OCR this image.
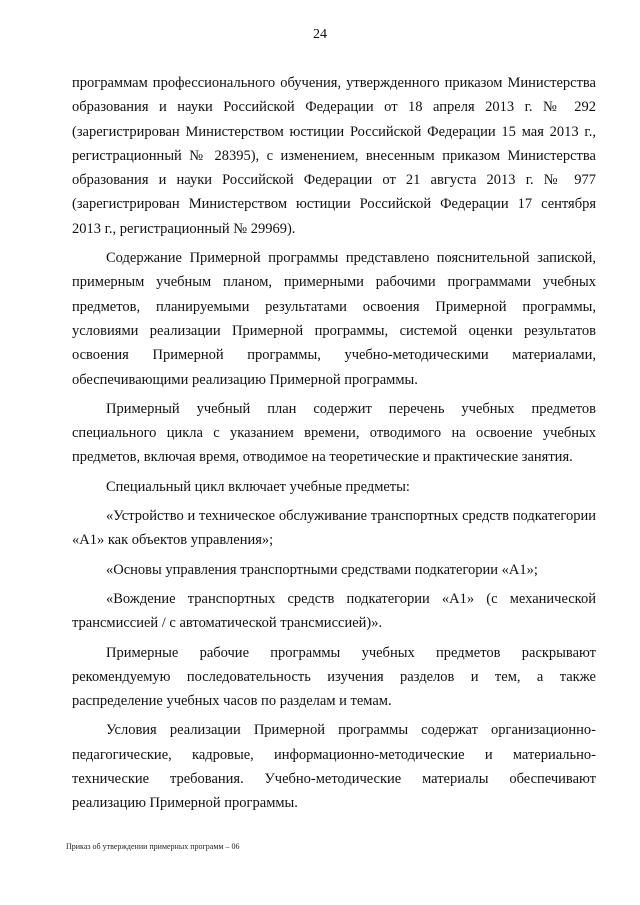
24

программам профессионального обучения, утвержденного приказом Министерства образования и науки Российской Федерации от 18 апреля 2013 г. № 292 (зарегистрирован Министерством юстиции Российской Федерации 15 мая 2013 г., регистрационный № 28395), с изменением, внесенным приказом Министерства образования и науки Российской Федерации от 21 августа 2013 г. № 977 (зарегистрирован Министерством юстиции Российской Федерации 17 сентября 2013 г., регистрационный № 29969).

Содержание Примерной программы представлено пояснительной запиской, примерным учебным планом, примерными рабочими программами учебных предметов, планируемыми результатами освоения Примерной программы, условиями реализации Примерной программы, системой оценки результатов освоения Примерной программы, учебно-методическими материалами, обеспечивающими реализацию Примерной программы.

Примерный учебный план содержит перечень учебных предметов специального цикла с указанием времени, отводимого на освоение учебных предметов, включая время, отводимое на теоретические и практические занятия.

Специальный цикл включает учебные предметы:

«Устройство и техническое обслуживание транспортных средств подкатегории «А1» как объектов управления»;

«Основы управления транспортными средствами подкатегории «А1»;

«Вождение транспортных средств подкатегории «А1» (с механической трансмиссией / с автоматической трансмиссией)».

Примерные рабочие программы учебных предметов раскрывают рекомендуемую последовательность изучения разделов и тем, а также распределение учебных часов по разделам и темам.

Условия реализации Примерной программы содержат организационно-педагогические, кадровые, информационно-методические и материально-технические требования. Учебно-методические материалы обеспечивают реализацию Примерной программы.

Приказ об утверждении примерных программ – 06
